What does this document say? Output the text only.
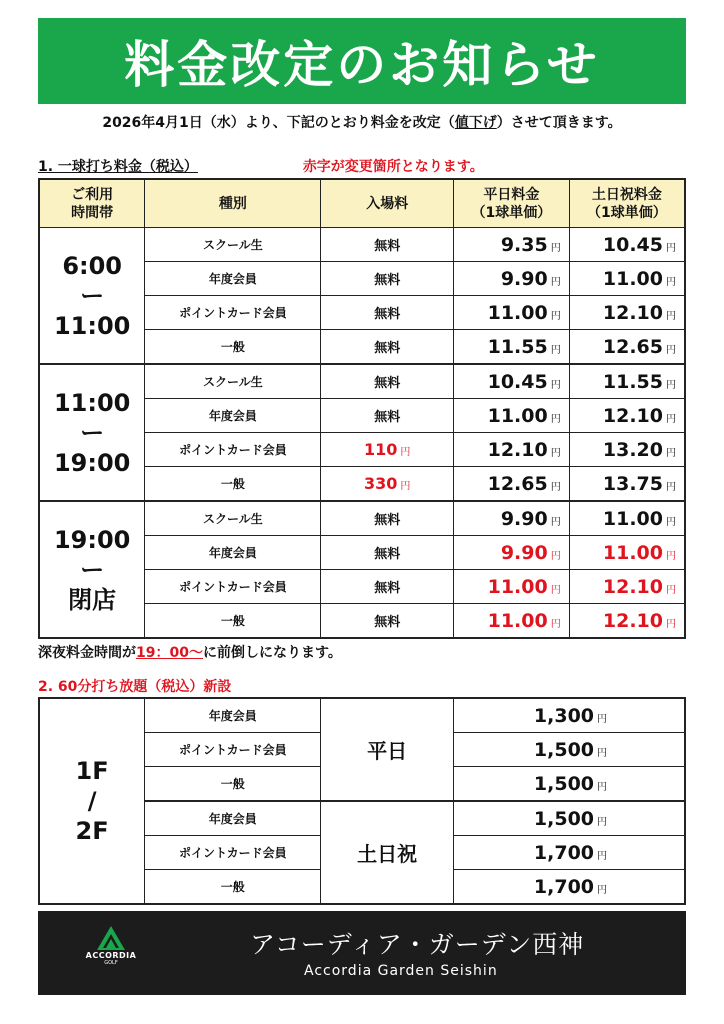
料金改定のお知らせ
2026年4月1日（水）より、下記のとおり料金を改定（値下げ）させて頂きます。
1. 一球打ち料金（税込）	赤字が変更箇所となります。
ご利用
時間帯	種別	入場料	平日料金
（1球単価）	土日祝料金
（1球単価）
6:00
ー
11:00	スクール生	無料	9.35 円	10.45 円
	年度会員	無料	9.90 円	11.00 円
	ポイントカード会員	無料	11.00 円	12.10 円
	一般	無料	11.55 円	12.65 円
11:00
ー
19:00	スクール生	無料	10.45 円	11.55 円
	年度会員	無料	11.00 円	12.10 円
	ポイントカード会員	110 円	12.10 円	13.20 円
	一般	330 円	12.65 円	13.75 円
19:00
ー
閉店	スクール生	無料	9.90 円	11.00 円
	年度会員	無料	9.90 円	11.00 円
	ポイントカード会員	無料	11.00 円	12.10 円
	一般	無料	11.00 円	12.10 円
深夜料金時間が19：00〜に前倒しになります。
2. 60分打ち放題（税込）新設
1F
/
2F	年度会員	平日	1,300 円
	ポイントカード会員		1,500 円
	一般		1,500 円
	年度会員	土日祝	1,500 円
	ポイントカード会員		1,700 円
	一般		1,700 円
ACCORDIA
GOLF
アコーディア・ガーデン西神
Accordia Garden Seishin
